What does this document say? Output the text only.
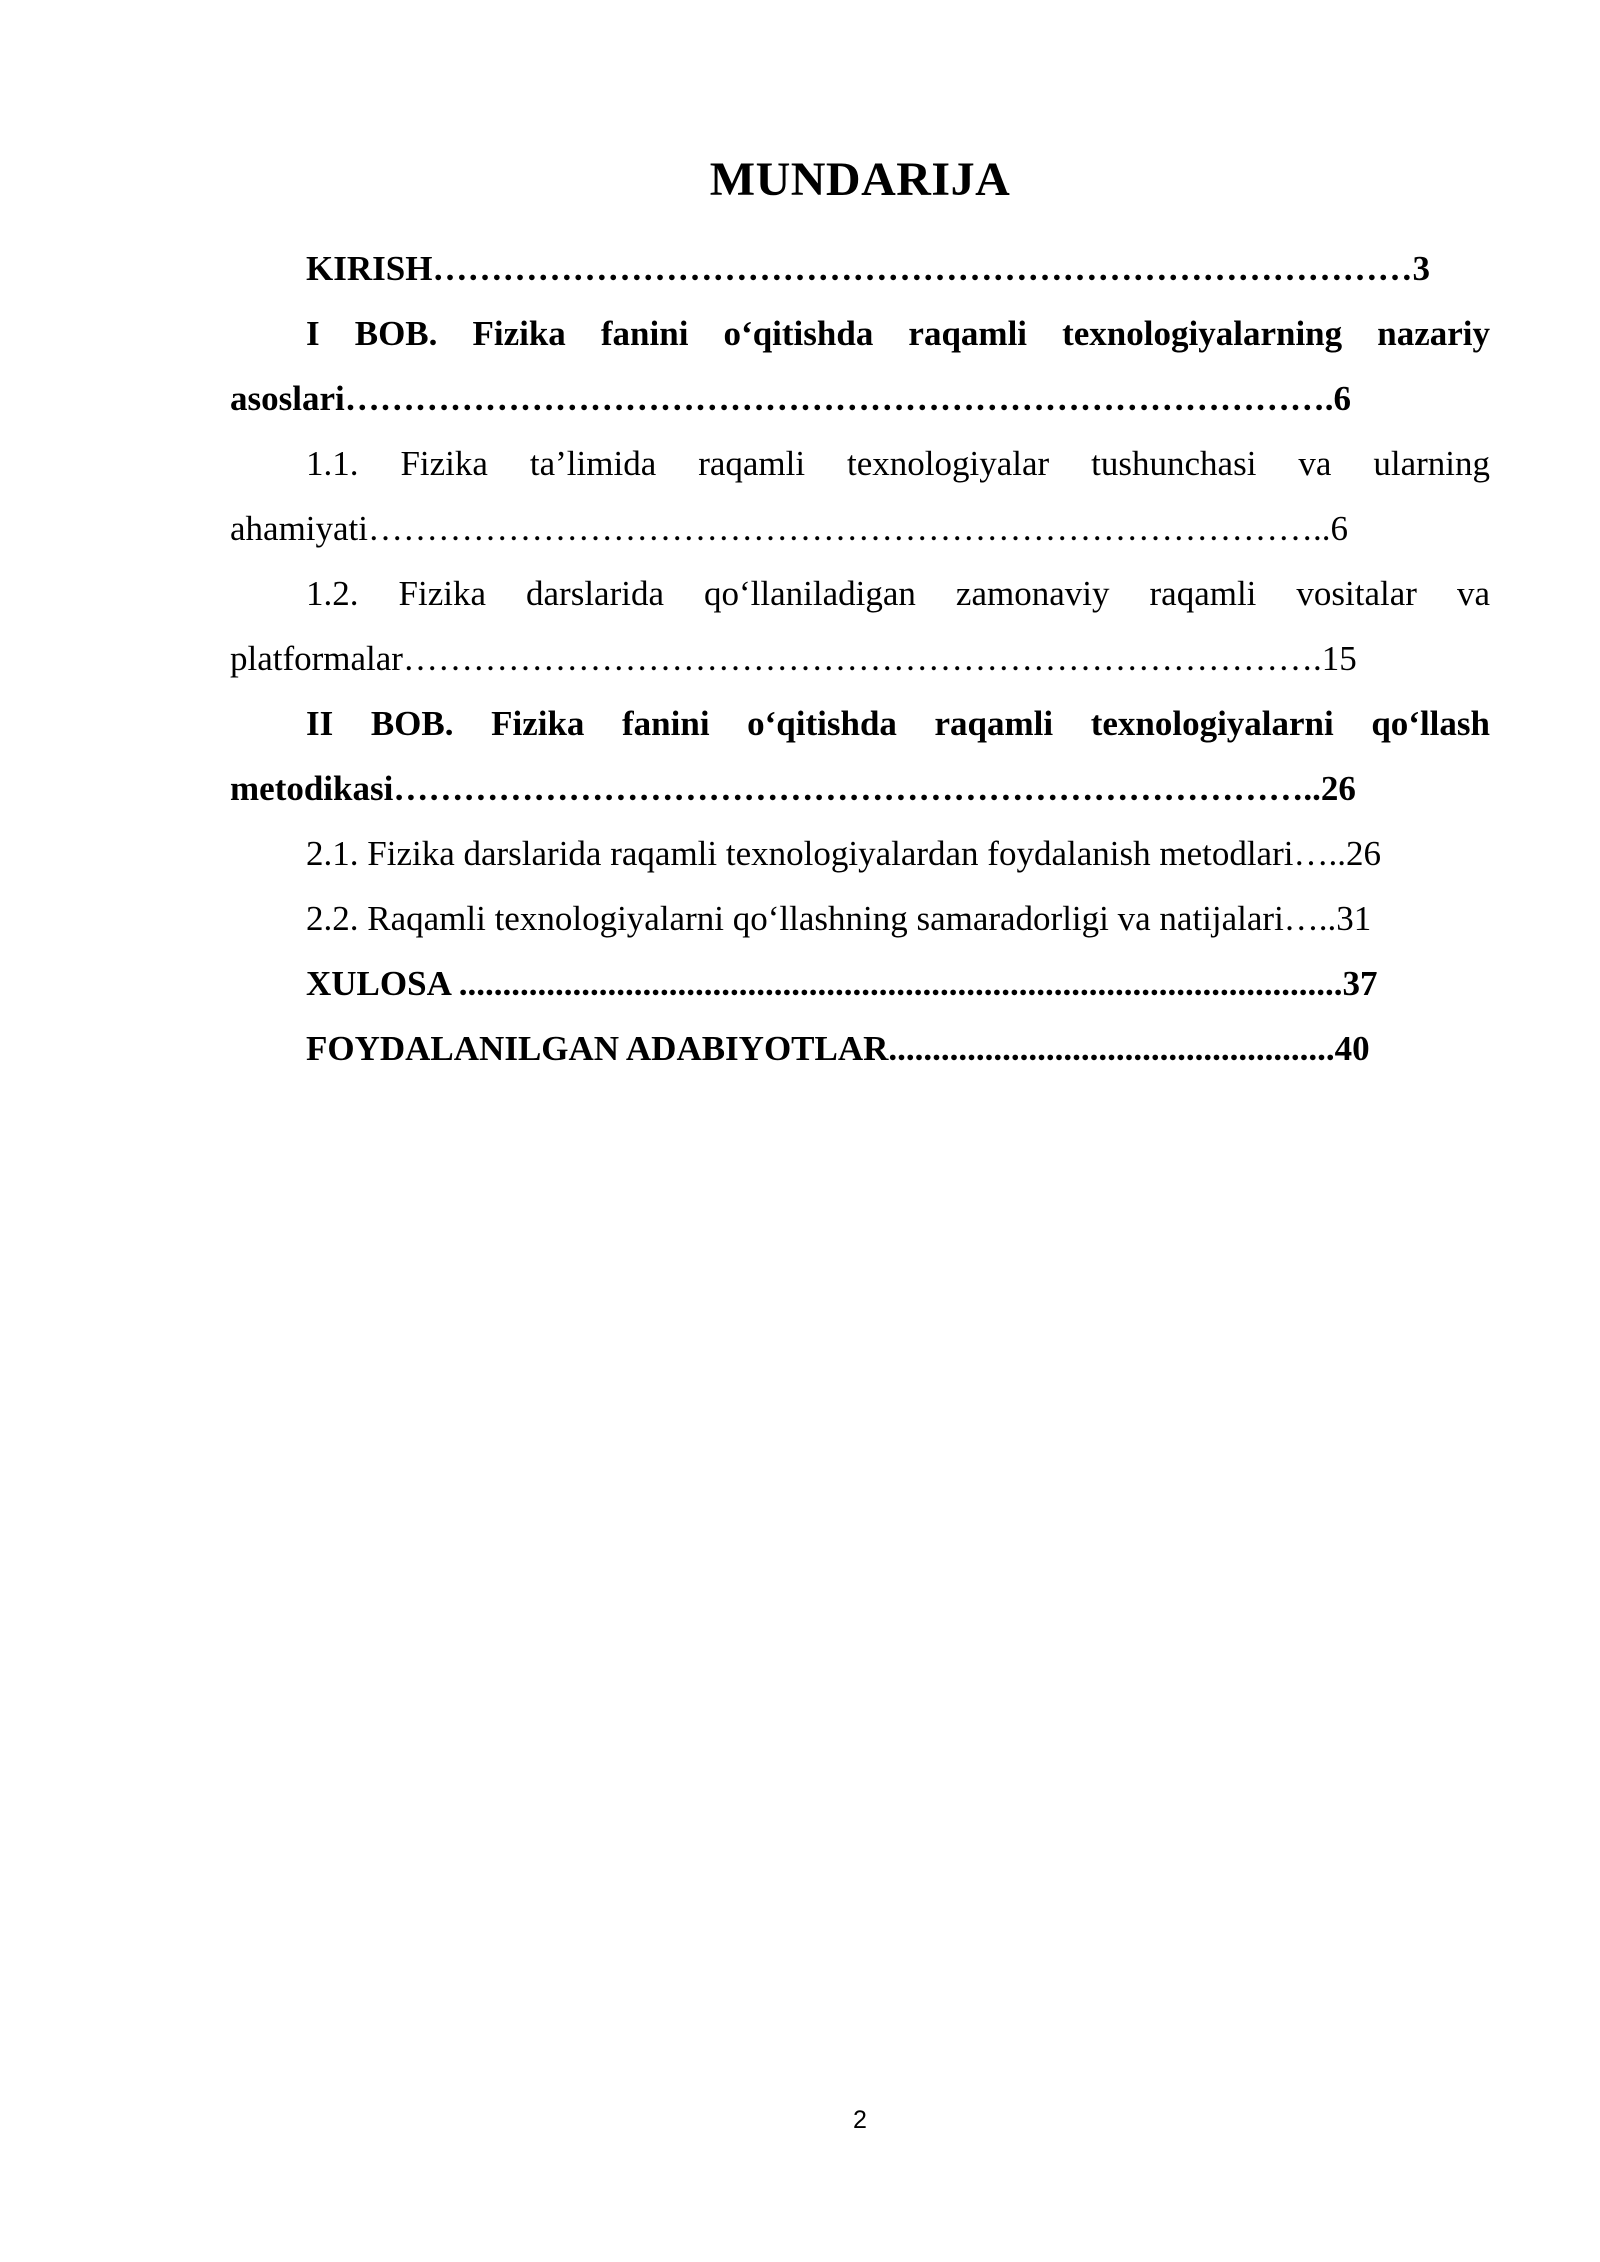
MUNDARIJA
KIRISH ………………………………………………………………………… 3
I BOB. Fizika fanini o‘qitishda raqamli texnologiyalarning nazariy
asoslari ………………………………………………………………………… .6
1.1. Fizika ta’limida raqamli texnologiyalar tushunchasi va ularning
ahamiyati ………………………………………………………………………. .6
1.2. Fizika darslarida qo‘llaniladigan zamonaviy raqamli vositalar va
platformalar …………………………………………………………………… .15
II BOB. Fizika fanini o‘qitishda raqamli texnologiyalarni qo‘llash
metodikasi …………………………………………………………………… ..26
2.1. Fizika darslarida raqamli texnologiyalardan foydalanish metodlari… ..26
2.2. Raqamli texnologiyalarni qo‘llashning samaradorligi va natijalari… ..31
XULOSA ..................................................................................................... 37
FOYDALANILGAN ADABIYOTLAR ................................................... 40
2
